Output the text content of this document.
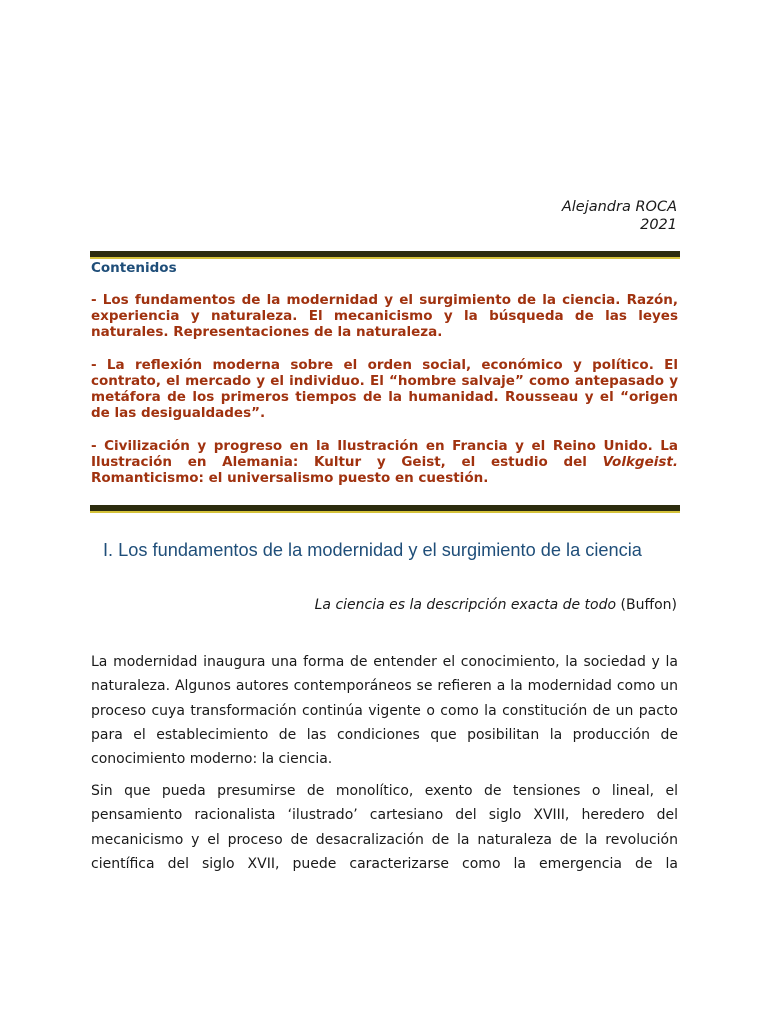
Alejandra ROCA
2021
Contenidos
- Los fundamentos de la modernidad y el surgimiento de la ciencia. Razón, experiencia y naturaleza. El mecanicismo y la búsqueda de las leyes naturales. Representaciones de la naturaleza.
- La reflexión moderna sobre el orden social, económico y político. El contrato, el mercado y el individuo. El “hombre salvaje” como antepasado y metáfora de los primeros tiempos de la humanidad. Rousseau y el “origen de las desigualdades”.
- Civilización y progreso en la Ilustración en Francia y el Reino Unido. La Ilustración en Alemania: Kultur y Geist, el estudio del Volkgeist. Romanticismo: el universalismo puesto en cuestión.
I. Los fundamentos de la modernidad y el surgimiento de la ciencia
La ciencia es la descripción exacta de todo (Buffon)
La modernidad inaugura una forma de entender el conocimiento, la sociedad y la naturaleza. Algunos autores contemporáneos se refieren a la modernidad como un proceso cuya transformación continúa vigente o como la constitución de un pacto para el establecimiento de las condiciones que posibilitan la producción de conocimiento moderno: la ciencia.
Sin que pueda presumirse de monolítico, exento de tensiones o lineal, el pensamiento racionalista ‘ilustrado’ cartesiano del siglo XVIII, heredero del mecanicismo y el proceso de desacralización de la naturaleza de la revolución científica del siglo XVII, puede caracterizarse como la emergencia de la
